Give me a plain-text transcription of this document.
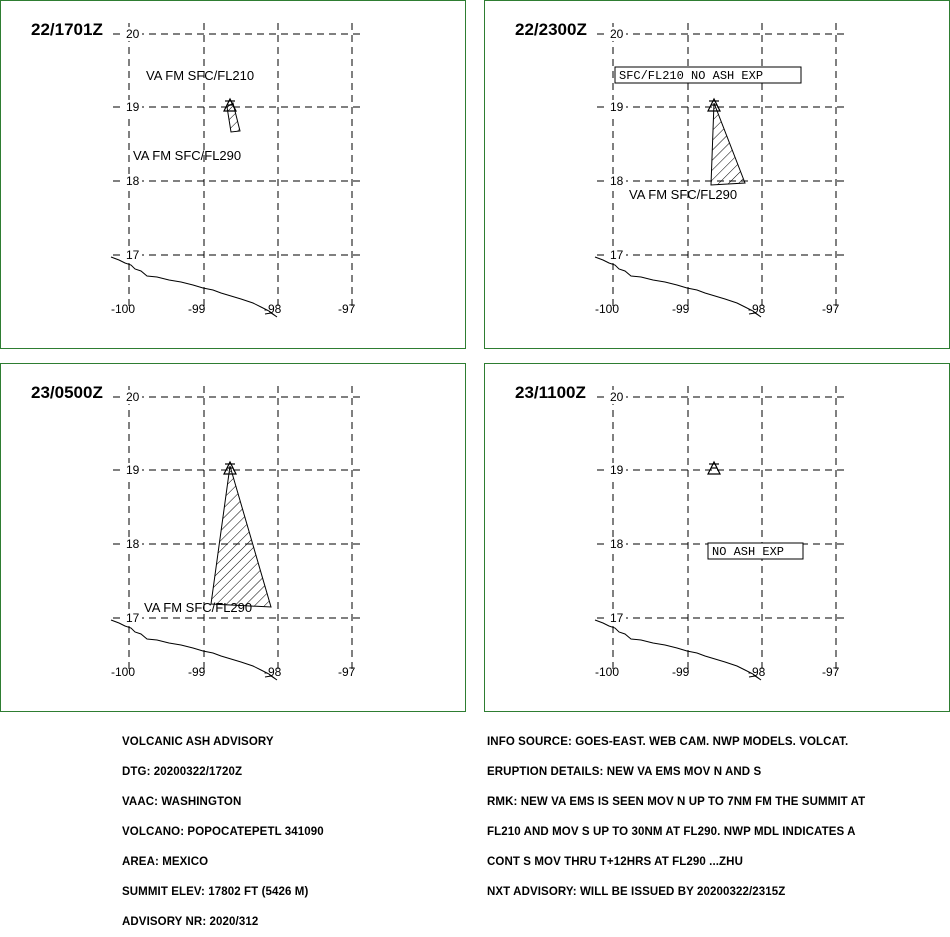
20
19
18
17
-100	-99	-98	-97
VA FM SFC/FL210
VA FM SFC/FL290
22/1701Z	20
19
18
17
-100	-99	-98	-97
SFC/FL210 NO ASH EXP
VA FM SFC/FL290
22/2300Z
20
19
18
17
-100	-99	-98	-97
VA FM SFC/FL290
23/0500Z	20
19
18
17
-100	-99	-98	-97
NO ASH EXP
23/1100Z

VOLCANIC ASH ADVISORY

DTG: 20200322/1720Z

VAAC: WASHINGTON

VOLCANO: POPOCATEPETL 341090

AREA: MEXICO

SUMMIT ELEV: 17802 FT (5426 M)

ADVISORY NR: 2020/312

INFO SOURCE: GOES-EAST. WEB CAM. NWP MODELS. VOLCAT.

ERUPTION DETAILS: NEW VA EMS MOV N AND S

RMK: NEW VA EMS IS SEEN MOV N UP TO 7NM FM THE SUMMIT AT

FL210 AND MOV S UP TO 30NM AT FL290. NWP MDL INDICATES A

CONT S MOV THRU T+12HRS AT FL290 ...ZHU

NXT ADVISORY: WILL BE ISSUED BY 20200322/2315Z
